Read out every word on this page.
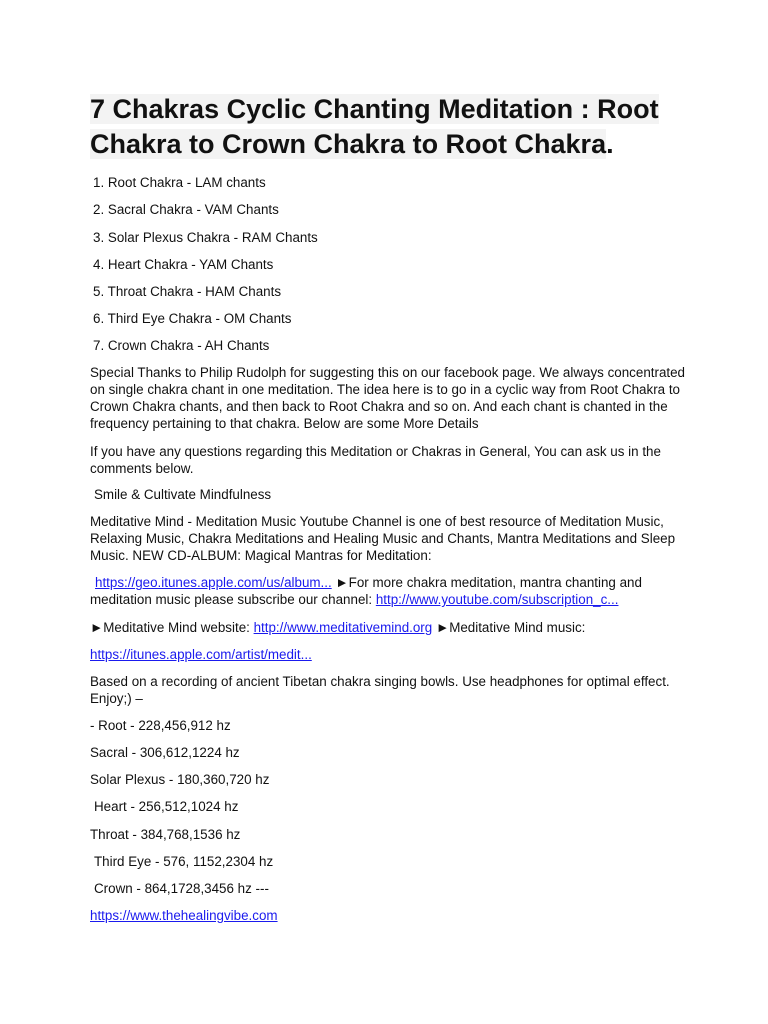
7 Chakras Cyclic Chanting Meditation : Root Chakra to Crown Chakra to Root Chakra.
1. Root Chakra - LAM chants
2. Sacral Chakra - VAM Chants
3. Solar Plexus Chakra - RAM Chants
4. Heart Chakra - YAM Chants
5. Throat Chakra - HAM Chants
6. Third Eye Chakra - OM Chants
7. Crown Chakra - AH Chants
Special Thanks to Philip Rudolph for suggesting this on our facebook page. We always concentrated on single chakra chant in one meditation. The idea here is to go in a cyclic way from Root Chakra to Crown Chakra chants, and then back to Root Chakra and so on. And each chant is chanted in the frequency pertaining to that chakra. Below are some More Details
If you have any questions regarding this Meditation or Chakras in General, You can ask us in the comments below.
Smile & Cultivate Mindfulness
Meditative Mind - Meditation Music Youtube Channel is one of best resource of Meditation Music, Relaxing Music, Chakra Meditations and Healing Music and Chants, Mantra Meditations and Sleep Music. NEW CD-ALBUM: Magical Mantras for Meditation:
https://geo.itunes.apple.com/us/album... ►For more chakra meditation, mantra chanting and meditation music please subscribe our channel: http://www.youtube.com/subscription_c...
►Meditative Mind website: http://www.meditativemind.org ►Meditative Mind music:
https://itunes.apple.com/artist/medit...
Based on a recording of ancient Tibetan chakra singing bowls. Use headphones for optimal effect. Enjoy;) –
- Root - 228,456,912 hz
Sacral - 306,612,1224 hz
Solar Plexus - 180,360,720 hz
Heart - 256,512,1024 hz
Throat - 384,768,1536 hz
Third Eye - 576, 1152,2304 hz
Crown - 864,1728,3456 hz ---
https://www.thehealingvibe.com
